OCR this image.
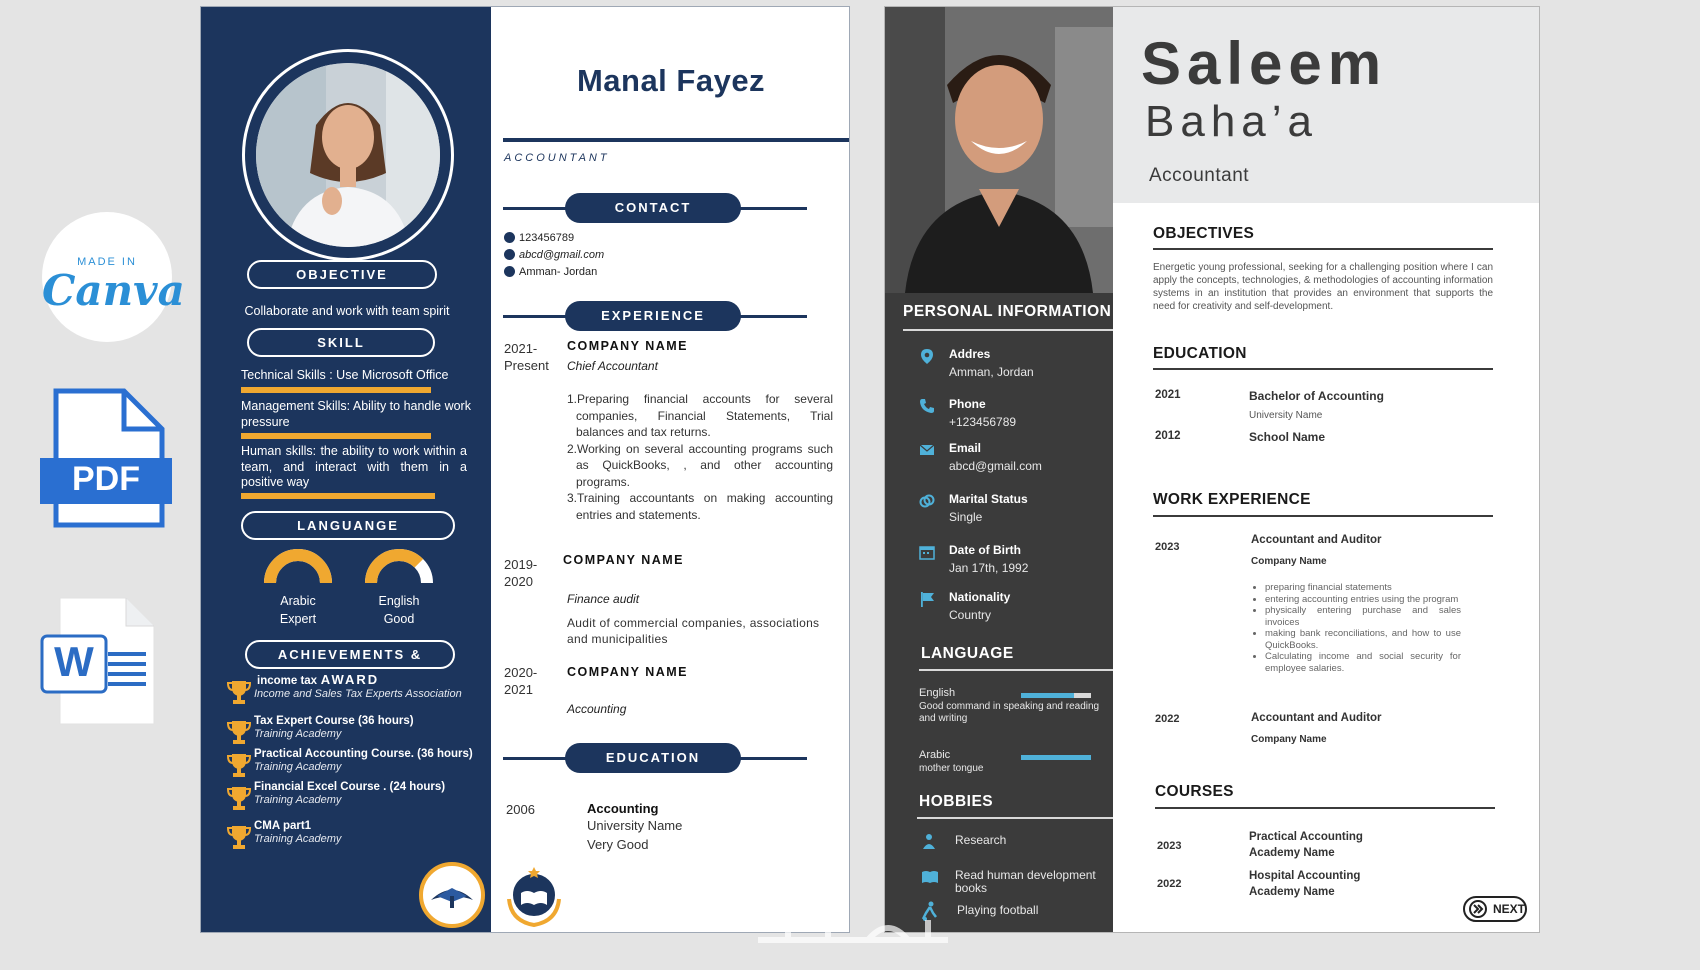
MADE IN
Canva
PDF
W
OBJECTIVE
Collaborate and work with team spirit
SKILL
Technical Skills : Use Microsoft Office
Management Skills: Ability to handle work pressure
Human skills: the ability to work within a team, and interact with them in a positive way
LANGUANGE
Arabic
Expert
English
Good
ACHIEVEMENTS & AWARD
income tax
Income and Sales Tax Experts Association
Tax Expert Course (36 hours)
Training Academy
Practical Accounting Course. (36 hours)
Training Academy
Financial Excel Course . (24 hours)
Training Academy
CMA part1
Training Academy
Manal Fayez
ACCOUNTANT
CONTACT
123456789
abcd@gmail.com
Amman- Jordan
EXPERIENCE
2021-
Present
COMPANY NAME
Chief Accountant
1.Preparing financial accounts for several companies, Financial Statements, Trial balances and tax returns.
2.Working on several accounting programs such as QuickBooks, , and other accounting programs.
3.Training accountants on making accounting entries and statements.
2019-
2020
COMPANY NAME
Finance audit
Audit of commercial companies, associations and municipalities
2020-
2021
COMPANY NAME
Accounting
EDUCATION
2006	Accounting
University Name
Very Good
PERSONAL INFORMATION
Addres
Amman, Jordan
Phone
+123456789
Email
abcd@gmail.com
Marital Status
Single
Date of Birth
Jan 17th, 1992
Nationality
Country
LANGUAGE
English
Good command in speaking and reading and writing
Arabic
mother tongue
HOBBIES
Research
Read human development books
Playing football
Saleem
Baha’a
Accountant
OBJECTIVES
Energetic young professional, seeking for a challenging position where I can apply the concepts, technologies, & methodologies of accounting information systems in an institution that provides an environment that supports the need for creativity and self-development.
EDUCATION
2021	Bachelor of Accounting
University Name
2012	School Name
WORK EXPERIENCE
2023
Accountant and Auditor
Company Name
• preparing financial statements
• entering accounting entries using the program
• physically entering purchase and sales invoices
• making bank reconciliations, and how to use QuickBooks.
• Calculating income and social security for employee salaries.
2022	Accountant and Auditor
Company Name
COURSES
2023
Practical Accounting
Academy Name
2022
Hospital Accounting
Academy Name
NEXT
